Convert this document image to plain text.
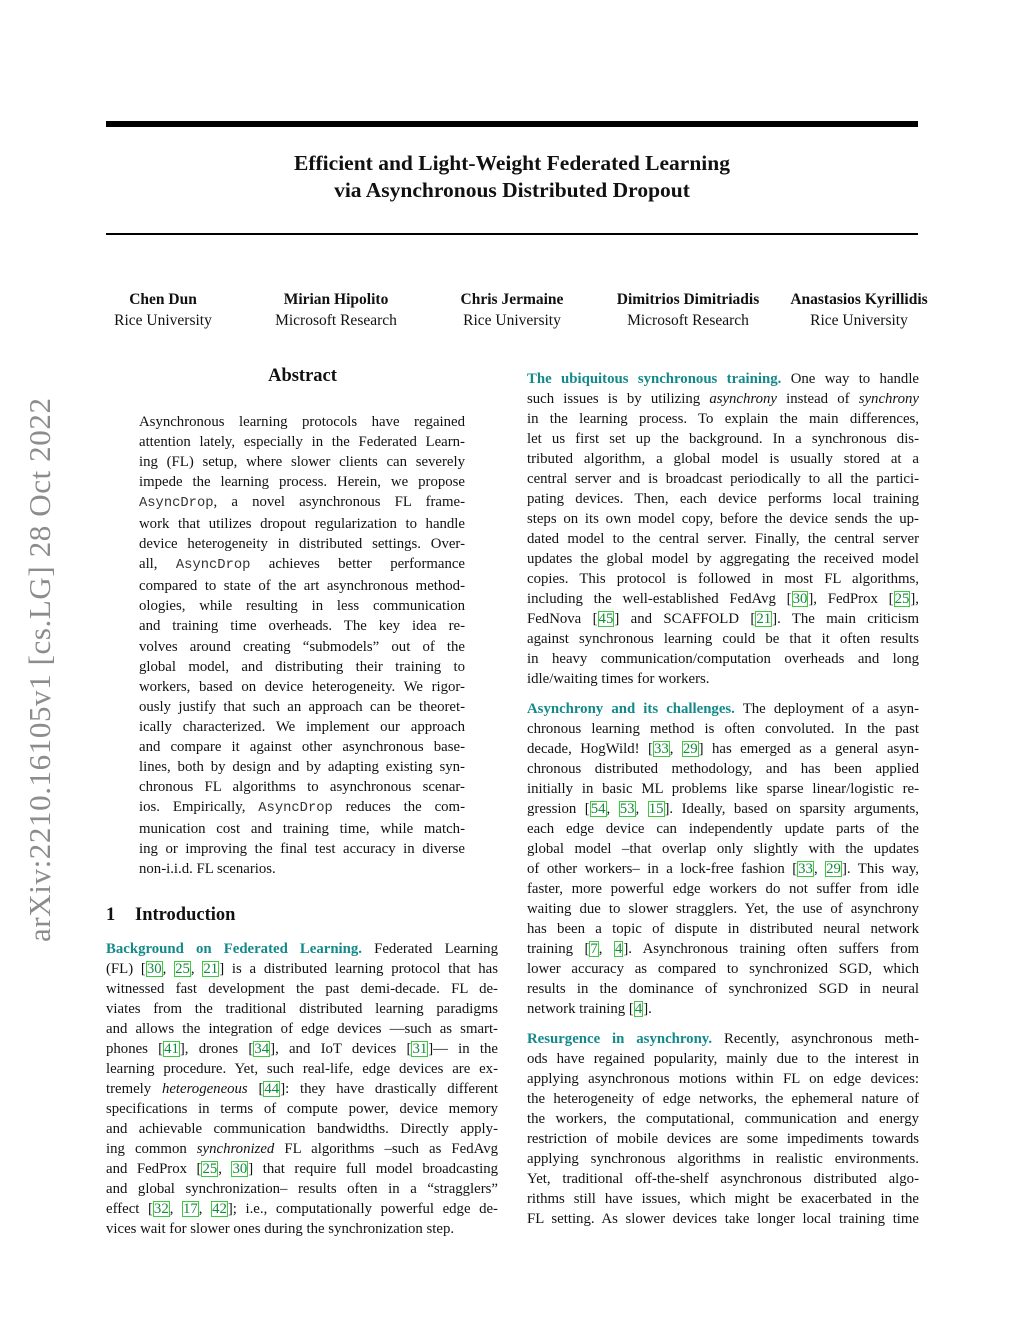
Efficient and Light-Weight Federated Learning
via Asynchronous Distributed Dropout
Chen Dun
Rice University
Mirian Hipolito
Microsoft Research
Chris Jermaine
Rice University
Dimitrios Dimitriadis
Microsoft Research
Anastasios Kyrillidis
Rice University
arXiv:2210.16105v1 [cs.LG] 28 Oct 2022
Abstract
Asynchronous learning protocols have regained
attention lately, especially in the Federated Learn-
ing (FL) setup, where slower clients can severely
impede the learning process. Herein, we propose
AsyncDrop, a novel asynchronous FL frame-
work that utilizes dropout regularization to handle
device heterogeneity in distributed settings. Over-
all, AsyncDrop achieves better performance
compared to state of the art asynchronous method-
ologies, while resulting in less communication
and training time overheads. The key idea re-
volves around creating “submodels” out of the
global model, and distributing their training to
workers, based on device heterogeneity. We rigor-
ously justify that such an approach can be theoret-
ically characterized. We implement our approach
and compare it against other asynchronous base-
lines, both by design and by adapting existing syn-
chronous FL algorithms to asynchronous scenar-
ios. Empirically, AsyncDrop reduces the com-
munication cost and training time, while match-
ing or improving the final test accuracy in diverse
non-i.i.d. FL scenarios.
1 Introduction
Background on Federated Learning. Federated Learning
(FL) [30, 25, 21] is a distributed learning protocol that has
witnessed fast development the past demi-decade. FL de-
viates from the traditional distributed learning paradigms
and allows the integration of edge devices —such as smart-
phones [41], drones [34], and IoT devices [31]— in the
learning procedure. Yet, such real-life, edge devices are ex-
tremely heterogeneous [44]: they have drastically different
specifications in terms of compute power, device memory
and achievable communication bandwidths. Directly apply-
ing common synchronized FL algorithms –such as FedAvg
and FedProx [25, 30] that require full model broadcasting
and global synchronization– results often in a “stragglers”
effect [32, 17, 42]; i.e., computationally powerful edge de-
vices wait for slower ones during the synchronization step.
The ubiquitous synchronous training. One way to handle
such issues is by utilizing asynchrony instead of synchrony
in the learning process. To explain the main differences,
let us first set up the background. In a synchronous dis-
tributed algorithm, a global model is usually stored at a
central server and is broadcast periodically to all the partici-
pating devices. Then, each device performs local training
steps on its own model copy, before the device sends the up-
dated model to the central server. Finally, the central server
updates the global model by aggregating the received model
copies. This protocol is followed in most FL algorithms,
including the well-established FedAvg [30], FedProx [25],
FedNova [45] and SCAFFOLD [21]. The main criticism
against synchronous learning could be that it often results
in heavy communication/computation overheads and long
idle/waiting times for workers.
Asynchrony and its challenges. The deployment of a asyn-
chronous learning method is often convoluted. In the past
decade, HogWild! [33, 29] has emerged as a general asyn-
chronous distributed methodology, and has been applied
initially in basic ML problems like sparse linear/logistic re-
gression [54, 53, 15]. Ideally, based on sparsity arguments,
each edge device can independently update parts of the
global model –that overlap only slightly with the updates
of other workers– in a lock-free fashion [33, 29]. This way,
faster, more powerful edge workers do not suffer from idle
waiting due to slower stragglers. Yet, the use of asynchrony
has been a topic of dispute in distributed neural network
training [7, 4]. Asynchronous training often suffers from
lower accuracy as compared to synchronized SGD, which
results in the dominance of synchronized SGD in neural
network training [4].
Resurgence in asynchrony. Recently, asynchronous meth-
ods have regained popularity, mainly due to the interest in
applying asynchronous motions within FL on edge devices:
the heterogeneity of edge networks, the ephemeral nature of
the workers, the computational, communication and energy
restriction of mobile devices are some impediments towards
applying synchronous algorithms in realistic environments.
Yet, traditional off-the-shelf asynchronous distributed algo-
rithms still have issues, which might be exacerbated in the
FL setting. As slower devices take longer local training time
